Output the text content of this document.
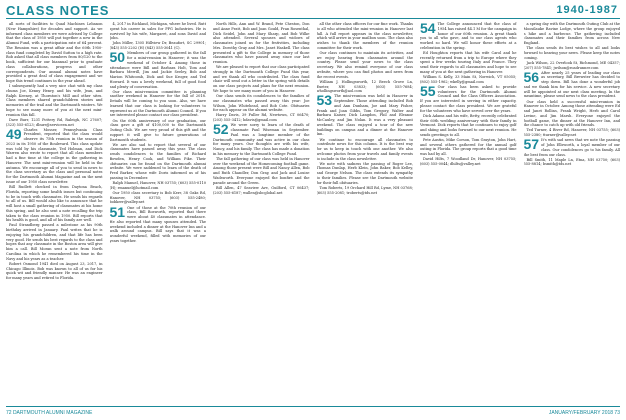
CLASS NOTES	1940-1987

all sorts of facilities to Quad Machines Lebanon (New Hampshire) for decades and support. As we informed class members we were advised by College that the class of 1950 will put together a new in the Alumni Fund, with a participation rate of 64 percent. The Reunion was a great affair and the 60th 1950-class fund completed by David Sutton to a high rate. Bob asked that all class members from 80/120 to the book, sufficient for our biannual prior to graduate class collaborations, progress and other correspondents. Our annual alumni notes have provided a great deal of class engagement and we hope this trend continues in the year ahead.

I subsequently had a very nice chat with my class chums Joe, Kenny Henry, and his wife, Jean, and Ralph Keeney, at Thornton's Mill and other sites. Class members shared grandchildren stories and memories of the trail and the Dartmouth winters. We hope to see many more of you at the next mini-reunion this fall.

Dave Burr, 1231 Pottery Rd, Raleigh, NC 27607; (323) 555-6123; dburr@serviceen.net

49 Charles Mosser, Pennsylvania Class President, reported that the class would observe its 75th reunion in the season of 2023 in its 1950 of the Boulevard. This class update was told by his classmate, Ted Holman, and Dick Warren also wrote to report that all class members had a fine time at the college in the gathering in Hanover. The next mini-reunion will be held in the autumn. We encourage all of you to send in news to the class secretary as the class and personal notes for the Dartmouth Alumni Magazine and on the next issue of our 1950 class newsletter.

Bill Rudlett checked in from Daytona Beach, Florida, reporting some health issues but continuing to be in touch with classmates. He sends his regards to all of us. Bill would also like to announce that he will host a small gathering of classmates at his home this spring, and he also sent a note recalling the trip taken to the class reunion in 1950. Bill reports that his health is good, and all of his family are well.

Paul Strandberg passed a milestone as his 90th birthday arrived in January. Paul writes that he is enjoying his grandchildren, and that life has been very good. He sends his best regards to the class and hopes that any classmate in the Boston area will give him a call. Bill Moran sent a note from North Carolina in which he remembered his time in the Navy and his years as a teacher.

Robert Osmond 1941 died on August 23, 2017, in Chicago Illinois. Bob was known to all of us for his quick wit and friendly manner. He was an engineer for many years and retired to Florida.

4, 2017 in Richland, Michigan, where he lived. Rutt spent his career in sales for PPG Industries. He is survived by his wife, Margaret, and sons David and John.

John Miller, 1305 Hillview Dr, Beaufort, SC 29901; (843) 555-2202 (H) (843) 555-3041 (C).

50 Members of our group gathered in the fall for a mini-reunion in Hanover; it was the weekend of October 4. Among those in attendance were Bill and Barbara Holt, Tom and Barbara Merrill, Jim and Jackie Seeley, Bob and Marion Whitcomb, Dick and Sue Kroger, and Ted Howard. It was a lovely weekend, full of good food and plenty of conversation.

Our class mini-reunion committee is planning another weekend in Hanover for the fall of 2018. Details will be coming to you soon. Also, we have learned that our class is looking for volunteers to represent us at the Dartmouth Alumni Council. If you are interested please contact our class president.

On the 60th anniversary of our graduation, our class gave a gift of $100,000 to the Dartmouth Outing Club. We are very proud of this gift and the support it will give to future generations of Dartmouth students.

We are also sad to report that several of our classmates have passed away this year. The class sends condolences to the families of Richard Bowden, Henry Cook, and William Pike. Their obituaries can be found on the Dartmouth alumni website. We were saddened to learn of the death of Fred Barker, whose wife Doris informed us of his passing in December.

Ralph Manuel, Hanover, NH 03755; (603) 555-0110 (H); rmanuel@hotmail.com

Our 1950 class secretary is Bob Kerr, 38 Oaks Rd, Hanover, NH 03755; (603) 555-2480; bobkerr@valley.net

51 One of those at the 70th reunion of our class, Bill Bosworth, reported that there were about 40 classmates in attendance. He also reported that many spouses attended. The weekend included a dinner at the Hanover Inn and a walk around campus. Bill says that it was a wonderful weekend, filled with memories of our years together.

North Hills, Ann and W. Brand, Pete Cheston, Don and Anne Fratt, Bob and Joan Gould, Fran Rosenthal, Dick Seidel, John and Mary Sharp, and Bob Wilke also attended. Several spouses and widows of classmates joined us for the festivities, including Mrs. Dorothy Gray and Mrs. Janet Haskell. The class presented a gift to the College in memory of those classmates who have passed away since our last reunion.

We are pleased to report that our class participated strongly in the Dartmouth College Fund this year, and we thank all who contributed. The class fund chair will send out a letter in the spring with details on our class projects and plans for the next reunion. We hope to see many more of you in Hanover.

Our class sends its condolences to the families of our classmates who passed away this year: Joe Wilson, John Whitehead, and Bob Cote. Obituaries for each appear on the alumni website.

Harry Davis, 39 Fuller Rd, Newtown, CT 06470; (203) 555-3412; hdavis@gmail.com

52 We were sorry to learn of the death of classmate Paul Wiseman in September. Paul was a longtime member of the Dartmouth community and was active in our class for many years. Our thoughts are with his wife, Nancy, and his family. The class has made a donation in his memory to the Dartmouth College Fund.

The fall gathering of our class was held in Hanover over the weekend of the Homecoming football game. Among those present were Bill and Nancy Allen, Bob and Ruth Chandler, Don Gray, and Jack and Louise Wadsworth. Everyone enjoyed the bonfire and the parade around the Green.

Bill Allen, 47 Seaview Ave, Guilford, CT 06437; (203) 555-6187; wallen@sbcglobal.net

all the other class officers for our fine work. Thanks to all who attended the mini-reunion in Hanover last fall. A full report appears in the class newsletter, which will arrive in your mailbox soon. The class also wishes to thank the members of the reunion committee for their work.

Our class continues to maintain its activities, and we enjoy hearing from classmates around the country. Please send your news to the class secretary. We also remind everyone of our class website, where you can find photos and news from the recent events.

William J. Hollingsworth, 12 Beech Grove Ln, Exeter, NH 03833; (603) 555-7684; whollingsworth@aol.com

53 The mini-reunion was held in Hanover in September. Those attending included Bob and Ann Dunham, Joe and Mary Fisher, Frank and Joan Gibbs, Tom Gregory, Walter and Barbara Kaiser, Dick Langdon, Phil and Eleanor McCauley, and Jim Nolan. It was a very pleasant weekend. The class enjoyed a tour of the new buildings on campus and a dinner at the Hanover Inn.

We continue to encourage all classmates to contribute news for this column. It is the best way for us to keep in touch with one another. We also welcome photos from your travels and family events to include in the class newsletter.

We note with sadness the passing of Roger Lee, Thomas Dunlap, Herb Klein, John Baker, Bob Kelley, and George Nelson. The class extends its sympathy to their families. Please see the Dartmouth website for their full obituaries.

Tom Roberts, 19 Orchard Hill Rd, Lyme, NH 03768; (603) 555-2081; troberts@tds.net

54 The College announced that the class of 1954 has raised $4.1 M for the campaign in honor of our 60th reunion. A great thank you to all who gave, and to our class agents who worked so hard. We will honor these efforts at a celebration in the spring.

Ed Houghton reports that his wife Carol and he recently returned from a trip to Europe where they spent a few weeks touring Italy and France. They send their regards to all classmates and hope to see many of you at the next gathering in Hanover.

William S. Kelly, 33 Main St, Norwich, VT 05055; (802) 555-1962; wkelly@gmail.com

55 Our class has been asked to provide volunteers for the Dartmouth Alumni Council and the Class Officers Association. If you are interested in serving in either capacity, please contact the class president. We are grateful for the volunteers who have served over the years.

Dick Adams and his wife, Betty, recently celebrated their 60th wedding anniversary with their family in Vermont. Dick reports that he continues to enjoy golf and skiing and looks forward to our next reunion. He sends greetings to all.

Pete Austin, Mike Corson, Tom Grayton, John Hart, and several others gathered for the annual golf outing in Florida. The group reports that a good time was had by all.

David Hilts, 7 Woodland Dr, Hanover, NH 03755; (603) 555-0044; dhilts@valley.net

a spring day with the Dartmouth Outing Club at the Moosilauke Ravine Lodge, where the group enjoyed a hike and a barbecue. The gathering included classmates and their families from across New England.

The class sends its best wishes to all and looks forward to hearing your news. Please keep the notes coming.

Jack Wilson, 22 Overlook St, Richmond, ME 04357; (207) 555-7841; jwilson@roadrunner.com

56 After nearly 25 years of leading our class as secretary, Bill Brewster has decided to step down. Bill has done a wonderful job and we thank him for his service. A new secretary will be appointed at our next class meeting. In the meantime, please send news to the class president.

Our class held a successful mini-reunion in Hanover in October. Among those attending were Ed and Janet Rollins, Frank Wright, Herb and Carol Levine, and Jim Marsh. Everyone enjoyed the football game, the dinner at the Hanover Inn, and the chance to catch up with old friends.

Ted Turner, 4 River Rd, Hanover, NH 03755; (603) 555-2380; tturner@valley.net

57 It's with sad news that we note the passing of John Ellsworth, a loyal member of our class. Our condolences go to his family. All the best from our class.

Bill Smith, 11 Maple Ln, Etna, NH 03750; (603) 555-8814; bsmith@tds.net

72 DARTMOUTH ALUMNI MAGAZINE	JANUARY/FEBRUARY 2018 73
